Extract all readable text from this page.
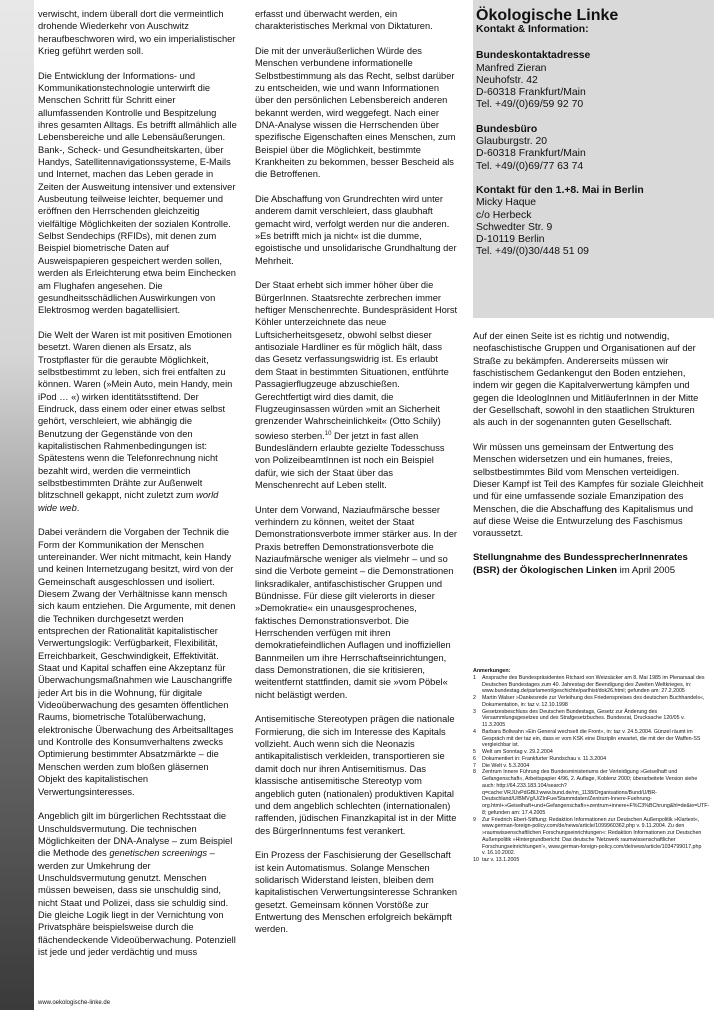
verwischt, indem überall dort die vermeintlich drohende Wiederkehr von Auschwitz heraufbeschworen wird, wo ein imperialistischer Krieg geführt werden soll.

Die Entwicklung der Informations- und Kommunikationstechnologie unterwirft die Menschen Schritt für Schritt einer allumfassenden Kontrolle und Bespitzelung ihres gesamten Alltags. Es betrifft allmählich alle Lebensbereiche und alle Lebensäußerungen. Bank-, Scheck- und Gesundheitskarten, über Handys, Satellitennavigationssysteme, E-Mails und Internet, machen das Leben gerade in Zeiten der Ausweitung intensiver und extensiver Ausbeutung teilweise leichter, bequemer und eröffnen den Herrschenden gleichzeitig vielfältige Möglichkeiten der sozialen Kontrolle. Selbst Sendechips (RFIDs), mit denen zum Beispiel biometrische Daten auf Ausweispapieren gespeichert werden sollen, werden als Erleichterung etwa beim Einchecken am Flughafen angesehen. Die gesundheitsschädlichen Auswirkungen von Elektrosmog werden bagatellisiert.

Die Welt der Waren ist mit positiven Emotionen besetzt. Waren dienen als Ersatz, als Trostpflaster für die geraubte Möglichkeit, selbstbestimmt zu leben, sich frei entfalten zu können. Waren (»Mein Auto, mein Handy, mein iPod … «) wirken identitätsstiftend. Der Eindruck, dass einem oder einer etwas selbst gehört, verschleiert, wie abhängig die Benutzung der Gegenstände von den kapitalistischen Rahmenbedingungen ist: Spätestens wenn die Telefonrechnung nicht bezahlt wird, werden die vermeintlich selbstbestimmten Drähte zur Außenwelt blitzschnell gekappt, nicht zuletzt zum world wide web.

Dabei verändern die Vorgaben der Technik die Form der Kommunikation der Menschen untereinander. Wer nicht mitmacht, kein Handy und keinen Internetzugang besitzt, wird von der Gemeinschaft ausgeschlossen und isoliert. Diesem Zwang der Verhältnisse kann mensch sich kaum entziehen. Die Argumente, mit denen die Techniken durchgesetzt werden entsprechen der Rationalität kapitalistischer Verwertungslogik: Verfügbarkeit, Flexibilität, Erreichbarkeit, Geschwindigkeit, Effektivität. Staat und Kapital schaffen eine Akzeptanz für Überwachungsmaßnahmen wie Lauschangriffe jeder Art bis in die Wohnung, für digitale Videoüberwachung des gesamten öffentlichen Raums, biometrische Totalüberwachung, elektronische Überwachung des Arbeitsalltages und Kontrolle des Konsumverhaltens zwecks Optimierung bestimmter Absatzmärkte – die Menschen werden zum bloßen gläsernen Objekt des kapitalistischen Verwertungsinteresses.

Angeblich gilt im bürgerlichen Rechtsstaat die Unschuldsvermutung. Die technischen Möglichkeiten der DNA-Analyse – zum Beispiel die Methode des genetischen screenings – werden zur Umkehrung der Unschuldsvermutung genutzt. Menschen müssen beweisen, dass sie unschuldig sind, nicht Staat und Polizei, dass sie schuldig sind. Die gleiche Logik liegt in der Vernichtung von Privatsphäre beispielsweise durch die flächendeckende Videoüberwachung. Potenziell ist jede und jeder verdächtig und muss

erfasst und überwacht werden, ein charakteristisches Merkmal von Diktaturen.

Die mit der unveräußerlichen Würde des Menschen verbundene informationelle Selbstbestimmung als das Recht, selbst darüber zu entscheiden, wie und wann Informationen über den persönlichen Lebensbereich anderen bekannt werden, wird weggefegt. Nach einer DNA-Analyse wissen die Herrschenden über spezifische Eigenschaften eines Menschen, zum Beispiel über die Möglichkeit, bestimmte Krankheiten zu bekommen, besser Bescheid als die Betroffenen.

Die Abschaffung von Grundrechten wird unter anderem damit verschleiert, dass glaubhaft gemacht wird, verfolgt werden nur die anderen. »Es betrifft mich ja nicht« ist die dumme, egoistische und unsolidarische Grundhaltung der Mehrheit.

Der Staat erhebt sich immer höher über die BürgerInnen. Staatsrechte zerbrechen immer heftiger Menschenrechte. Bundespräsident Horst Köhler unterzeichnete das neue Luftsicherheitsgesetz, obwohl selbst dieser antisoziale Hardliner es für möglich hält, dass das Gesetz verfassungswidrig ist. Es erlaubt dem Staat in bestimmten Situationen, entführte Passagierflugzeuge abzuschießen. Gerechtfertigt wird dies damit, die Flugzeuginsassen würden »mit an Sicherheit grenzender Wahrscheinlichkeit« (Otto Schily) sowieso sterben.$^{10}$ Der jetzt in fast allen Bundesländern erlaubte gezielte Todesschuss von PolizeibeamtInnen ist noch ein Beispiel dafür, wie sich der Staat über das Menschenrecht auf Leben stellt.

Unter dem Vorwand, Naziaufmärsche besser verhindern zu können, weitet der Staat Demonstrationsverbote immer stärker aus. In der Praxis betreffen Demonstrationsverbote die Naziaufmärsche weniger als vielmehr – und so sind die Verbote gemeint – die Demonstrationen linksradikaler, antifaschistischer Gruppen und Bündnisse. Für diese gilt vielerorts in dieser »Demokratie« ein unausgesprochenes, faktisches Demonstrationsverbot. Die Herrschenden verfügen mit ihren demokratiefeindlichen Auflagen und inoffiziellen Bannmeilen um ihre Herrschaftseinrichtungen, dass Demonstrationen, die sie kritisieren, weitentfernt stattfinden, damit sie »vom Pöbel« nicht belästigt werden.

Antisemitische Stereotypen prägen die nationale Formierung, die sich im Interesse des Kapitals vollzieht. Auch wenn sich die Neonazis antikapitalistisch verkleiden, transportieren sie damit doch nur ihren Antisemitismus. Das klassische antisemitische Stereotyp vom angeblich guten (nationalen) produktiven Kapital und dem angeblich schlechten (internationalen) raffenden, jüdischen Finanzkapital ist in der Mitte des BürgerInnentums fest verankert.

Ein Prozess der Faschisierung der Gesellschaft ist kein Automatismus. Solange Menschen solidarisch Widerstand leisten, bleiben dem kapitalistischen Verwertungsinteresse Schranken gesetzt. Gemeinsam können Vorstöße zur Entwertung des Menschen erfolgreich bekämpft werden.

Ökologische Linke
Kontakt & Information:
Bundeskontaktadresse
Manfred Zieran
Neuhofstr. 42
D-60318 Frankfurt/Main
Tel. +49/(0)69/59 92 70
Bundesbüro
Glauburgstr. 20
D-60318 Frankfurt/Main
Tel. +49/(0)69/77 63 74
Kontakt für den 1.+8. Mai in Berlin
Micky Haque
c/o Herbeck
Schwedter Str. 9
D-10119 Berlin
Tel. +49/(0)30/448 51 09

Auf der einen Seite ist es richtig und notwendig, neofaschistische Gruppen und Organisationen auf der Straße zu bekämpfen. Andererseits müssen wir faschistischem Gedankengut den Boden entziehen, indem wir gegen die Kapitalverwertung kämpfen und gegen die IdeologInnen und MitläuferInnen in der Mitte der Gesellschaft, sowohl in den staatlichen Strukturen als auch in der sogenannten guten Gesellschaft.

Wir müssen uns gemeinsam der Entwertung des Menschen widersetzen und ein humanes, freies, selbstbestimmtes Bild vom Menschen verteidigen. Dieser Kampf ist Teil des Kampfes für soziale Gleichheit und für eine umfassende soziale Emanzipation des Menschen, die die Abschaffung des Kapitalismus und auf diese Weise die Entwurzelung des Faschismus voraussetzt.

Stellungnahme des BundessprecherInnenrates (BSR) der Ökologischen Linken im April 2005

Anmerkungen:
1	Ansprache des Bundespräsidenten Richard von Weizsäcker am 8. Mai 1985 im Plenarsaal des Deutschen Bundestages zum 40. Jahrestag der Beendigung des Zweiten Weltkrieges, in: www.bundestag.de/parlament/geschichte/parlhist/dok26.html; gefunden am: 27.2.2005
2	Martin Walser »Dankesrede zur Verleihung des Friedenspreises des deutschen Buchhandels«, Dokumentation, in: taz v. 12.10.1998
3	Gesetzesbeschluss des Deutschen Bundestags, Gesetz zur Änderung des Versammlungsgesetzes und des Strafgesetzbuches. Bundesrat, Drucksache 120/05 v. 11.3.2005
4	Barbara Bollwahn »Ein General wechselt die Front«, in: taz v. 24.5.2004. Günzel räumt im Gespräch mit der taz ein, dass er vom KSK eine Disziplin erwartet, die mit der der Waffen-SS vergleichbar ist.
5	Welt am Sonntag v. 29.2.2004
6	Dokumentiert in: Frankfurter Rundschau v. 11.3.2004
7	Die Welt v. 5.3.2004
8	Zentrum Innere Führung des Bundesministeriums der Verteidigung »Geiselhaft und Gefangenschaft«, Arbeitspapier 4/96, 2. Auflage, Koblenz 2000; überarbeitete Version siehe auch: http://64.233.183.104/search?q=cache:VRJUvPdGBlJ:www.bund.de/nn_1138/Organisations/Bund/U/BR-Deutschland/U/BMVg/U/ZInFue/Stammdaten/Zentrum-Innere-Fuehrung-org.html+»Geiselhaft+und+Gefangenschaft«+zentrum+innere+F%C3%BChrung&hl=de&ie=UTF-8; gefunden am: 17.4.2005
9	Zur Friedrich Ebert-Stiftung: Redaktion Informationen zur Deutschen Außenpolitik »Klartext«, www.german-foreign-policy.com/de/news/article/1099960362.php v. 9.11.2004. Zu den »raumwissenschaftlichen Forschungseinrichtungen«: Redaktion Informationen zur Deutschen Außenpolitik »Hintergrundbericht: Das deutsche 'Netzwerk raumwissenschaftlicher Forschungseinrichtungen'«, www.german-foreign-policy.com/de/news/article/1034799017.php v. 16.10.2002.
10 taz v. 13.1.2005
www.oekologische-linke.de
